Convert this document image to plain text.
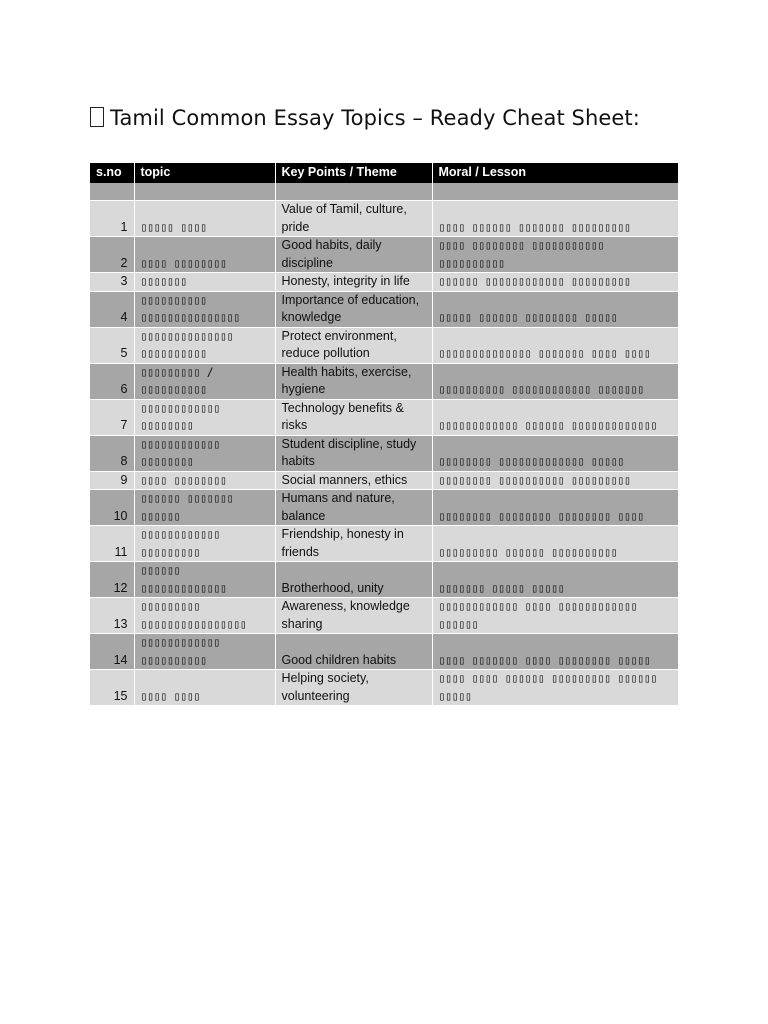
Tamil Common Essay Topics – Ready Cheat Sheet:
s.no	topic	Key Points / Theme	Moral / Lesson

1	▯▯▯▯▯ ▯▯▯▯	Value of Tamil, culture, pride	▯▯▯▯ ▯▯▯▯▯▯ ▯▯▯▯▯▯▯ ▯▯▯▯▯▯▯▯▯
2	▯▯▯▯ ▯▯▯▯▯▯▯▯	Good habits, daily discipline	▯▯▯▯ ▯▯▯▯▯▯▯▯ ▯▯▯▯▯▯▯▯▯▯▯ ▯▯▯▯▯▯▯▯▯▯
3	▯▯▯▯▯▯▯	Honesty, integrity in life	▯▯▯▯▯▯ ▯▯▯▯▯▯▯▯▯▯▯▯ ▯▯▯▯▯▯▯▯▯
4	▯▯▯▯▯▯▯▯▯▯ ▯▯▯▯▯▯▯▯▯▯▯▯▯▯▯	Importance of education, knowledge	▯▯▯▯▯ ▯▯▯▯▯▯ ▯▯▯▯▯▯▯▯ ▯▯▯▯▯
5	▯▯▯▯▯▯▯▯▯▯▯▯▯▯ ▯▯▯▯▯▯▯▯▯▯	Protect environment, reduce pollution	▯▯▯▯▯▯▯▯▯▯▯▯▯▯ ▯▯▯▯▯▯▯ ▯▯▯▯ ▯▯▯▯
6	▯▯▯▯▯▯▯▯▯ / ▯▯▯▯▯▯▯▯▯▯	Health habits, exercise, hygiene	▯▯▯▯▯▯▯▯▯▯ ▯▯▯▯▯▯▯▯▯▯▯▯ ▯▯▯▯▯▯▯
7	▯▯▯▯▯▯▯▯▯▯▯▯ ▯▯▯▯▯▯▯▯	Technology benefits & risks	▯▯▯▯▯▯▯▯▯▯▯▯ ▯▯▯▯▯▯ ▯▯▯▯▯▯▯▯▯▯▯▯▯
8	▯▯▯▯▯▯▯▯▯▯▯▯ ▯▯▯▯▯▯▯▯	Student discipline, study habits	▯▯▯▯▯▯▯▯ ▯▯▯▯▯▯▯▯▯▯▯▯▯ ▯▯▯▯▯
9	▯▯▯▯ ▯▯▯▯▯▯▯▯	Social manners, ethics	▯▯▯▯▯▯▯▯ ▯▯▯▯▯▯▯▯▯▯ ▯▯▯▯▯▯▯▯▯
10	▯▯▯▯▯▯ ▯▯▯▯▯▯▯ ▯▯▯▯▯▯	Humans and nature, balance	▯▯▯▯▯▯▯▯ ▯▯▯▯▯▯▯▯ ▯▯▯▯▯▯▯▯ ▯▯▯▯
11	▯▯▯▯▯▯▯▯▯▯▯▯ ▯▯▯▯▯▯▯▯▯	Friendship, honesty in friends	▯▯▯▯▯▯▯▯▯ ▯▯▯▯▯▯ ▯▯▯▯▯▯▯▯▯▯
12	▯▯▯▯▯▯ ▯▯▯▯▯▯▯▯▯▯▯▯▯	Brotherhood, unity	▯▯▯▯▯▯▯ ▯▯▯▯▯ ▯▯▯▯▯
13	▯▯▯▯▯▯▯▯▯ ▯▯▯▯▯▯▯▯▯▯▯▯▯▯▯▯	Awareness, knowledge sharing	▯▯▯▯▯▯▯▯▯▯▯▯ ▯▯▯▯ ▯▯▯▯▯▯▯▯▯▯▯▯ ▯▯▯▯▯▯
14	▯▯▯▯▯▯▯▯▯▯▯▯ ▯▯▯▯▯▯▯▯▯▯	Good children habits	▯▯▯▯ ▯▯▯▯▯▯▯ ▯▯▯▯ ▯▯▯▯▯▯▯▯ ▯▯▯▯▯
15	▯▯▯▯ ▯▯▯▯	Helping society, volunteering	▯▯▯▯ ▯▯▯▯ ▯▯▯▯▯▯ ▯▯▯▯▯▯▯▯▯ ▯▯▯▯▯▯ ▯▯▯▯▯
